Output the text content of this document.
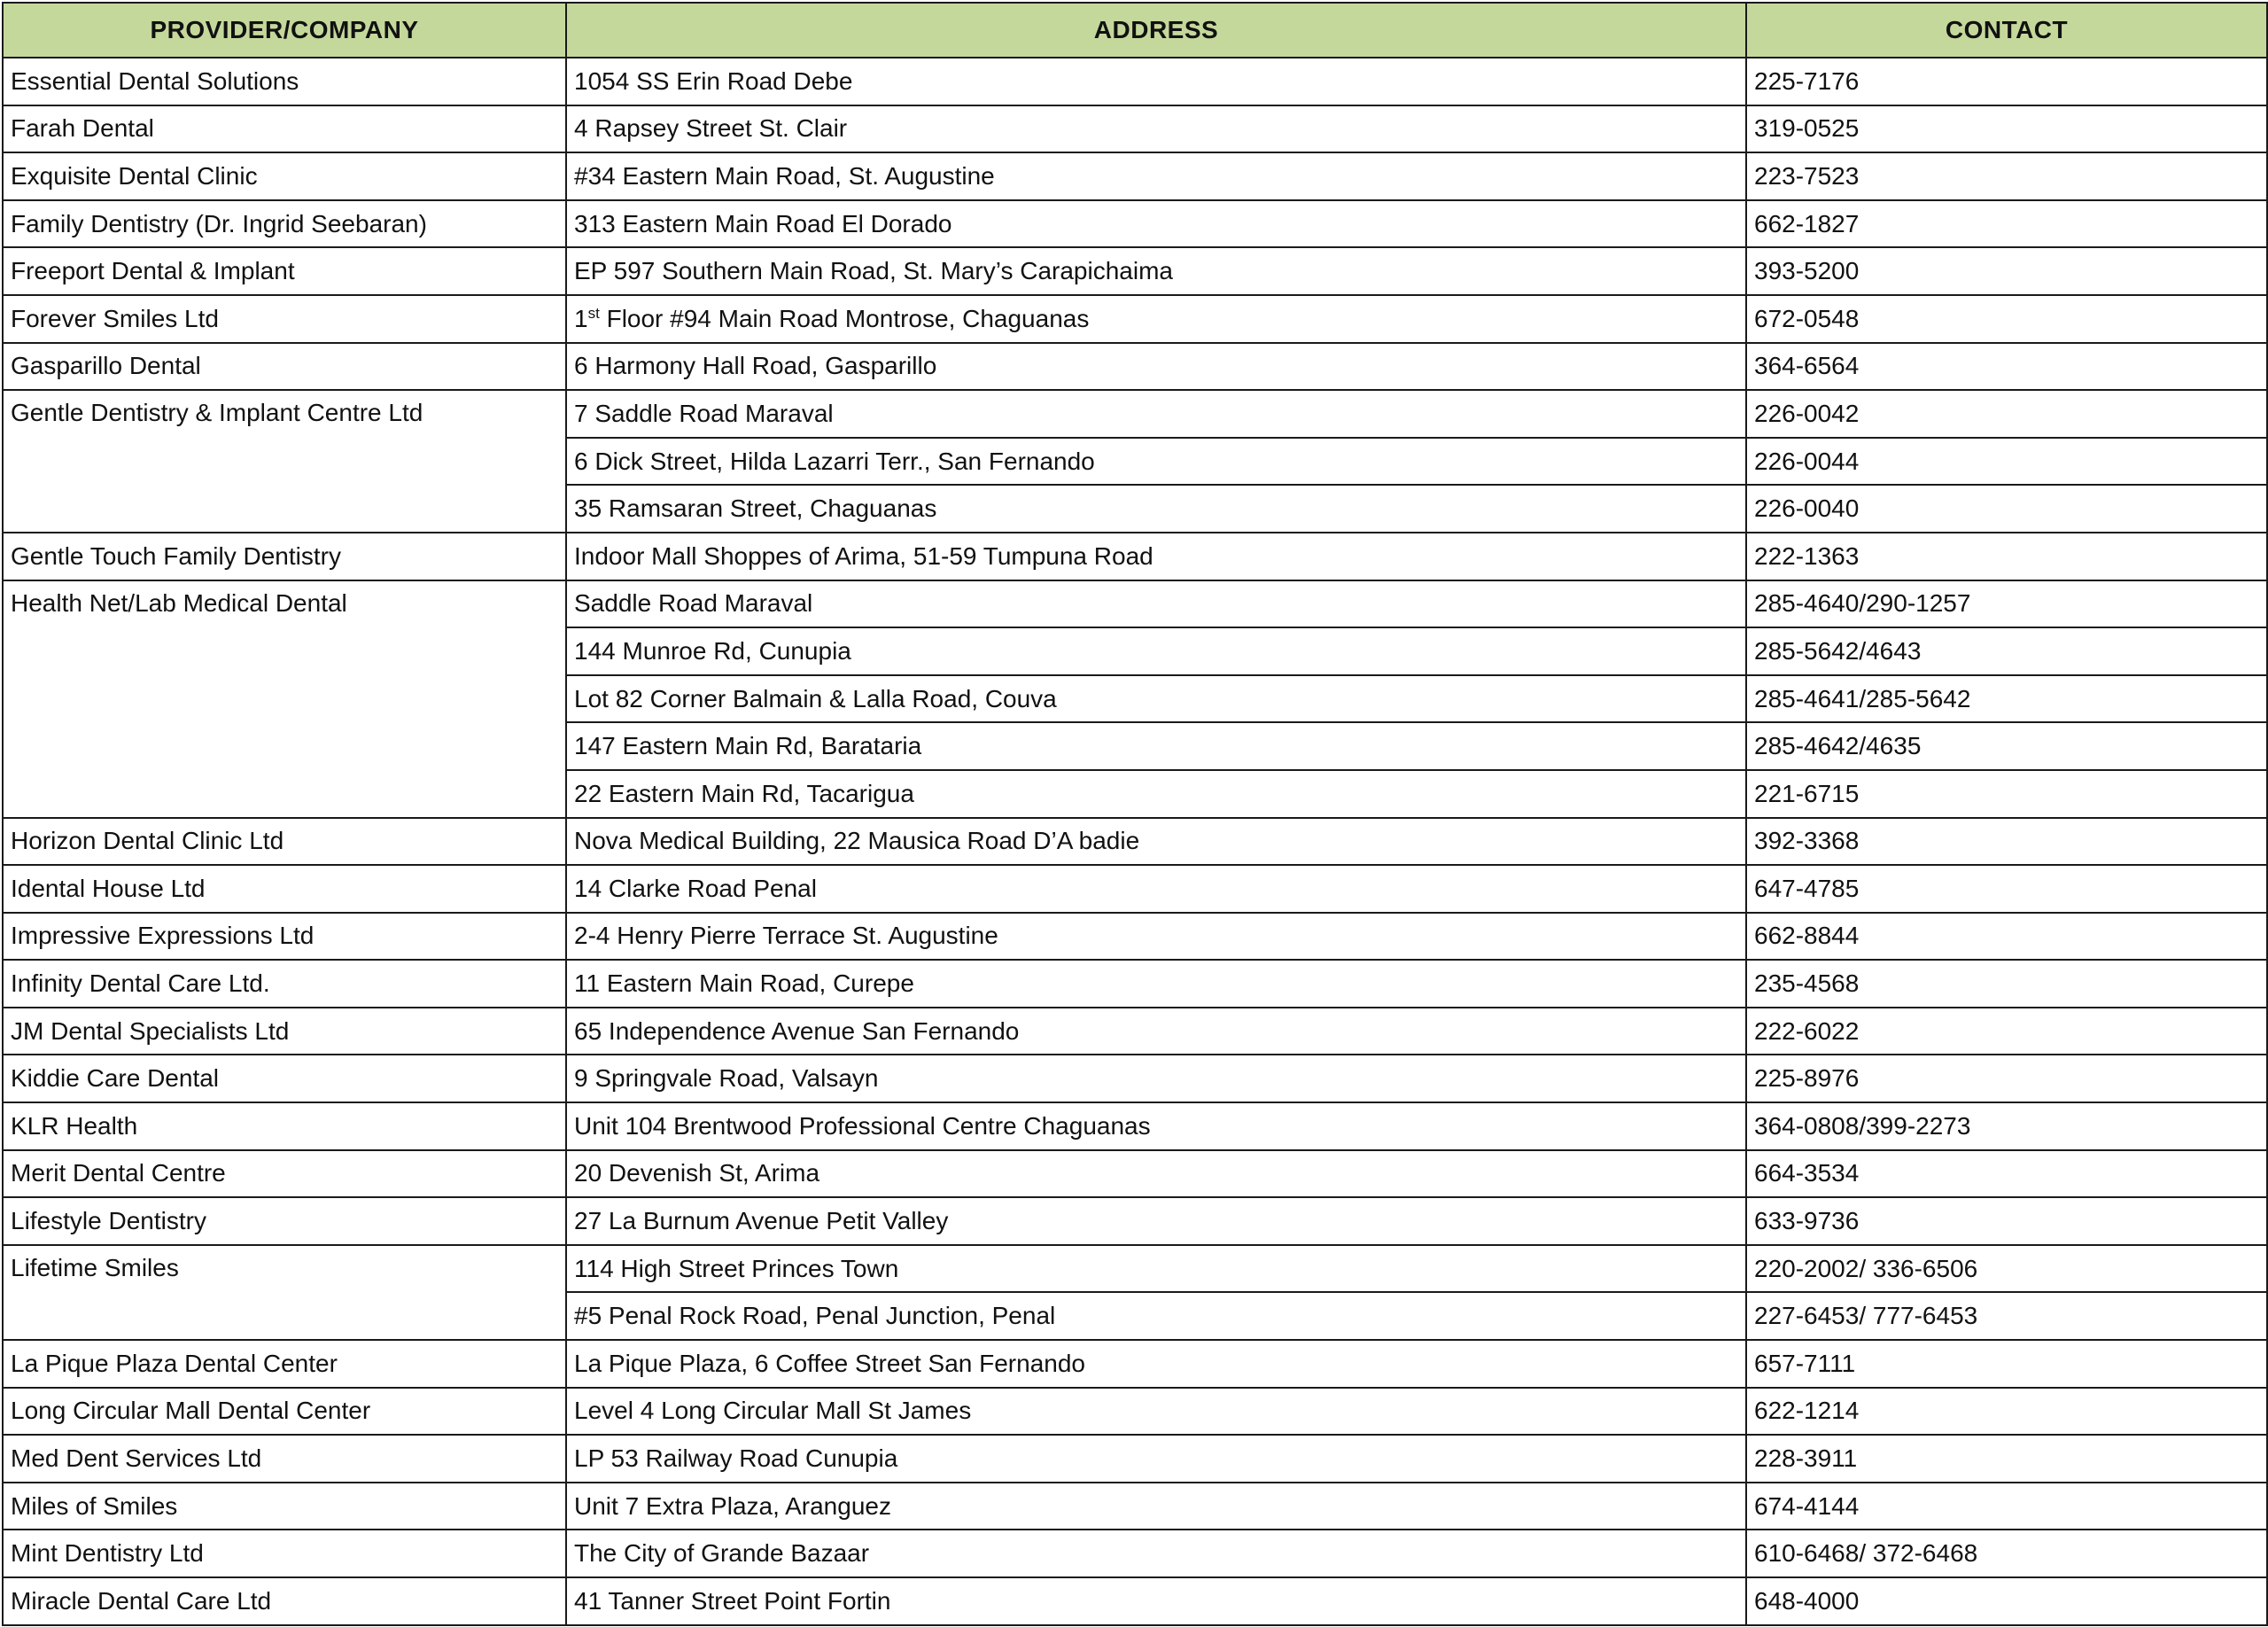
PROVIDER/COMPANY	ADDRESS	CONTACT
Essential Dental Solutions	1054 SS Erin Road Debe	225-7176
Farah Dental	4 Rapsey Street St. Clair	319-0525
Exquisite Dental Clinic	#34 Eastern Main Road, St. Augustine	223-7523
Family Dentistry (Dr. Ingrid Seebaran)	313 Eastern Main Road El Dorado	662-1827
Freeport Dental & Implant	EP 597 Southern Main Road, St. Mary’s Carapichaima	393-5200
Forever Smiles Ltd	1st Floor #94 Main Road Montrose, Chaguanas	672-0548
Gasparillo Dental	6 Harmony Hall Road, Gasparillo	364-6564
Gentle Dentistry & Implant Centre Ltd	7 Saddle Road Maraval	226-0042
	6 Dick Street, Hilda Lazarri Terr., San Fernando	226-0044
	35 Ramsaran Street, Chaguanas	226-0040
Gentle Touch Family Dentistry	Indoor Mall Shoppes of Arima, 51-59 Tumpuna Road	222-1363
Health Net/Lab Medical Dental	Saddle Road Maraval	285-4640/290-1257
	144 Munroe Rd, Cunupia	285-5642/4643
	Lot 82 Corner Balmain & Lalla Road, Couva	285-4641/285-5642
	147 Eastern Main Rd, Barataria	285-4642/4635
	22 Eastern Main Rd, Tacarigua	221-6715
Horizon Dental Clinic Ltd	Nova Medical Building, 22 Mausica Road D’A badie	392-3368
Idental House Ltd	14 Clarke Road Penal	647-4785
Impressive Expressions Ltd	2-4 Henry Pierre Terrace St. Augustine	662-8844
Infinity Dental Care Ltd.	11 Eastern Main Road, Curepe	235-4568
JM Dental Specialists Ltd	65 Independence Avenue San Fernando	222-6022
Kiddie Care Dental	9 Springvale Road, Valsayn	225-8976
KLR Health	Unit 104 Brentwood Professional Centre Chaguanas	364-0808/399-2273
Merit Dental Centre	20 Devenish St, Arima	664-3534
Lifestyle Dentistry	27 La Burnum Avenue Petit Valley	633-9736
Lifetime Smiles	114 High Street Princes Town	220-2002/ 336-6506
	#5 Penal Rock Road, Penal Junction, Penal	227-6453/ 777-6453
La Pique Plaza Dental Center	La Pique Plaza, 6 Coffee Street San Fernando	657-7111
Long Circular Mall Dental Center	Level 4 Long Circular Mall St James	622-1214
Med Dent Services Ltd	LP 53 Railway Road Cunupia	228-3911
Miles of Smiles	Unit 7 Extra Plaza, Aranguez	674-4144
Mint Dentistry Ltd	The City of Grande Bazaar	610-6468/ 372-6468
Miracle Dental Care Ltd	41 Tanner Street Point Fortin	648-4000
